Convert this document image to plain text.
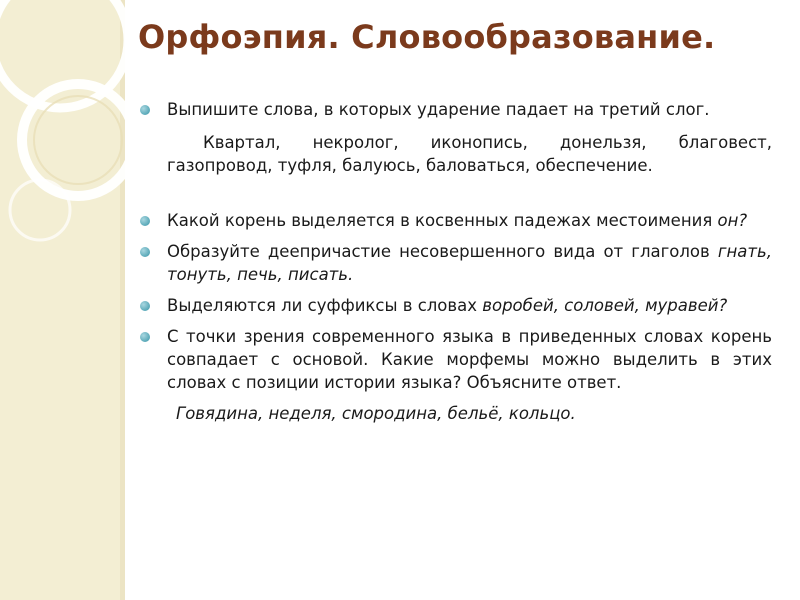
Орфоэпия. Словообразование.
Выпишите слова, в которых ударение падает на третий слог.
Квартал, некролог, иконопись, донельзя, благовест, газопровод, туфля, балуюсь, баловаться, обеспечение.
Какой корень выделяется в косвенных падежах местоимения он?
Образуйте деепричастие несовершенного вида от глаголов гнать, тонуть, печь, писать.
Выделяются ли суффиксы в словах воробей, соловей, муравей?
С точки зрения современного языка в приведенных словах корень совпадает с основой. Какие морфемы можно выделить в этих словах с позиции истории языка? Объясните ответ.
Говядина, неделя, смородина, бельё, кольцо.
